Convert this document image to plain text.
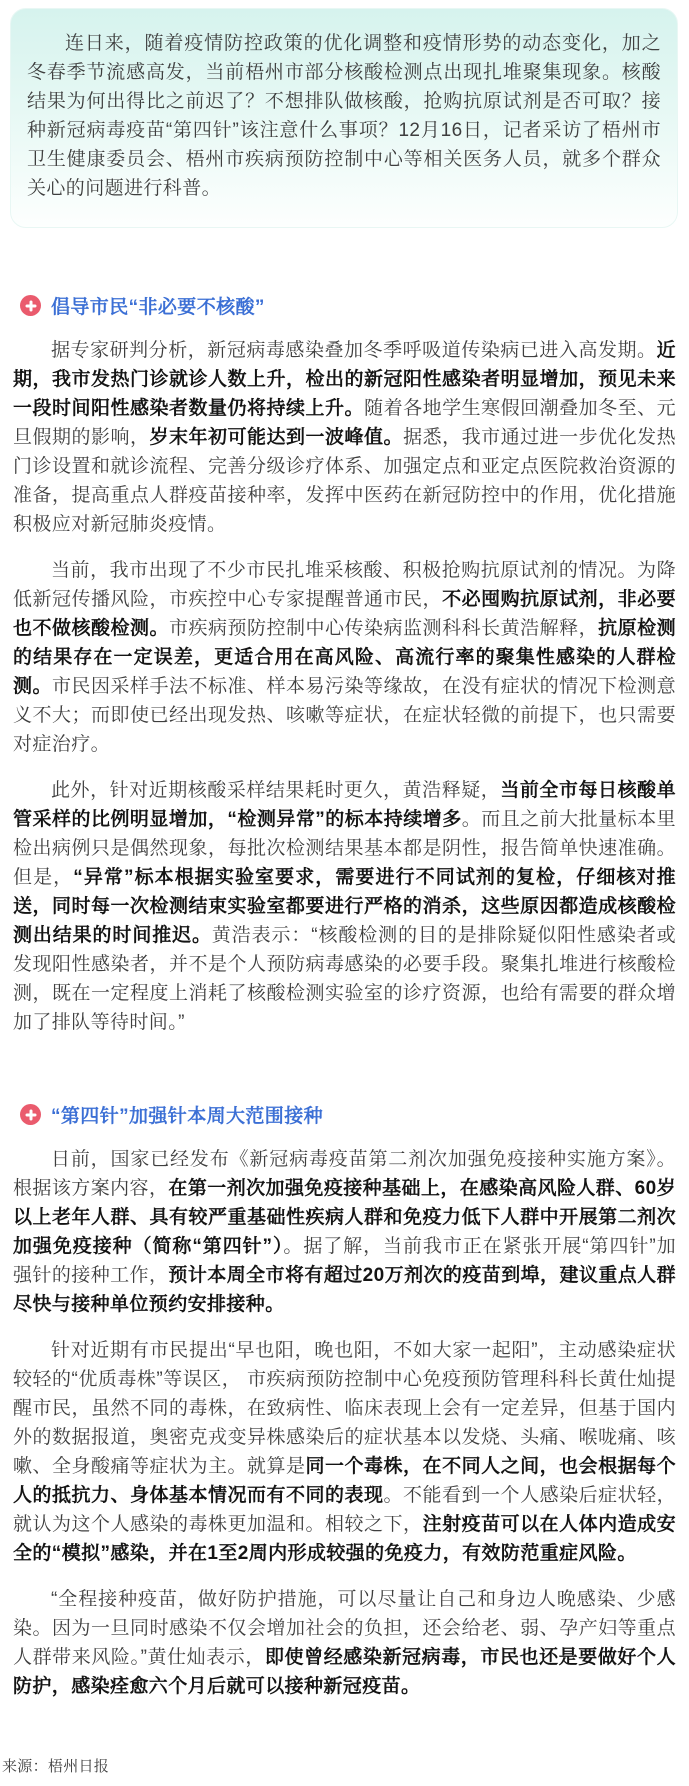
连日来，随着疫情防控政策的优化调整和疫情形势的动态变化，加之冬春季节流感高发，当前梧州市部分核酸检测点出现扎堆聚集现象。核酸结果为何出得比之前迟了？不想排队做核酸，抢购抗原试剂是否可取？接种新冠病毒疫苗“第四针”该注意什么事项？12月16日，记者采访了梧州市卫生健康委员会、梧州市疾病预防控制中心等相关医务人员，就多个群众关心的问题进行科普。

倡导市民“非必要不核酸”

据专家研判分析，新冠病毒感染叠加冬季呼吸道传染病已进入高发期。近期，我市发热门诊就诊人数上升，检出的新冠阳性感染者明显增加，预见未来一段时间阳性感染者数量仍将持续上升。随着各地学生寒假回潮叠加冬至、元旦假期的影响，岁末年初可能达到一波峰值。据悉，我市通过进一步优化发热门诊设置和就诊流程、完善分级诊疗体系、加强定点和亚定点医院救治资源的准备，提高重点人群疫苗接种率，发挥中医药在新冠防控中的作用，优化措施积极应对新冠肺炎疫情。

当前，我市出现了不少市民扎堆采核酸、积极抢购抗原试剂的情况。为降低新冠传播风险，市疾控中心专家提醒普通市民，不必囤购抗原试剂，非必要也不做核酸检测。市疾病预防控制中心传染病监测科科长黄浩解释，抗原检测的结果存在一定误差，更适合用在高风险、高流行率的聚集性感染的人群检测。市民因采样手法不标准、样本易污染等缘故，在没有症状的情况下检测意义不大；而即使已经出现发热、咳嗽等症状，在症状轻微的前提下，也只需要对症治疗。

此外，针对近期核酸采样结果耗时更久，黄浩释疑，当前全市每日核酸单管采样的比例明显增加，“检测异常”的标本持续增多。而且之前大批量标本里检出病例只是偶然现象，每批次检测结果基本都是阴性，报告简单快速准确。但是，“异常”标本根据实验室要求，需要进行不同试剂的复检，仔细核对推送，同时每一次检测结束实验室都要进行严格的消杀，这些原因都造成核酸检测出结果的时间推迟。黄浩表示：“核酸检测的目的是排除疑似阳性感染者或发现阳性感染者，并不是个人预防病毒感染的必要手段。聚集扎堆进行核酸检测，既在一定程度上消耗了核酸检测实验室的诊疗资源，也给有需要的群众增加了排队等待时间。”

“第四针”加强针本周大范围接种

日前，国家已经发布《新冠病毒疫苗第二剂次加强免疫接种实施方案》。根据该方案内容，在第一剂次加强免疫接种基础上，在感染高风险人群、60岁以上老年人群、具有较严重基础性疾病人群和免疫力低下人群中开展第二剂次加强免疫接种（简称“第四针”）。据了解，当前我市正在紧张开展“第四针”加强针的接种工作，预计本周全市将有超过20万剂次的疫苗到埠，建议重点人群尽快与接种单位预约安排接种。

针对近期有市民提出“早也阳，晚也阳，不如大家一起阳”，主动感染症状较轻的“优质毒株”等误区， 市疾病预防控制中心免疫预防管理科科长黄仕灿提醒市民，虽然不同的毒株，在致病性、临床表现上会有一定差异，但基于国内外的数据报道，奥密克戎变异株感染后的症状基本以发烧、头痛、喉咙痛、咳嗽、全身酸痛等症状为主。就算是同一个毒株，在不同人之间，也会根据每个人的抵抗力、身体基本情况而有不同的表现。不能看到一个人感染后症状轻，就认为这个人感染的毒株更加温和。相较之下，注射疫苗可以在人体内造成安全的“模拟”感染，并在1至2周内形成较强的免疫力，有效防范重症风险。

“全程接种疫苗，做好防护措施，可以尽量让自己和身边人晚感染、少感染。因为一旦同时感染不仅会增加社会的负担，还会给老、弱、孕产妇等重点人群带来风险。”黄仕灿表示，即使曾经感染新冠病毒，市民也还是要做好个人防护，感染痊愈六个月后就可以接种新冠疫苗。

来源：梧州日报
